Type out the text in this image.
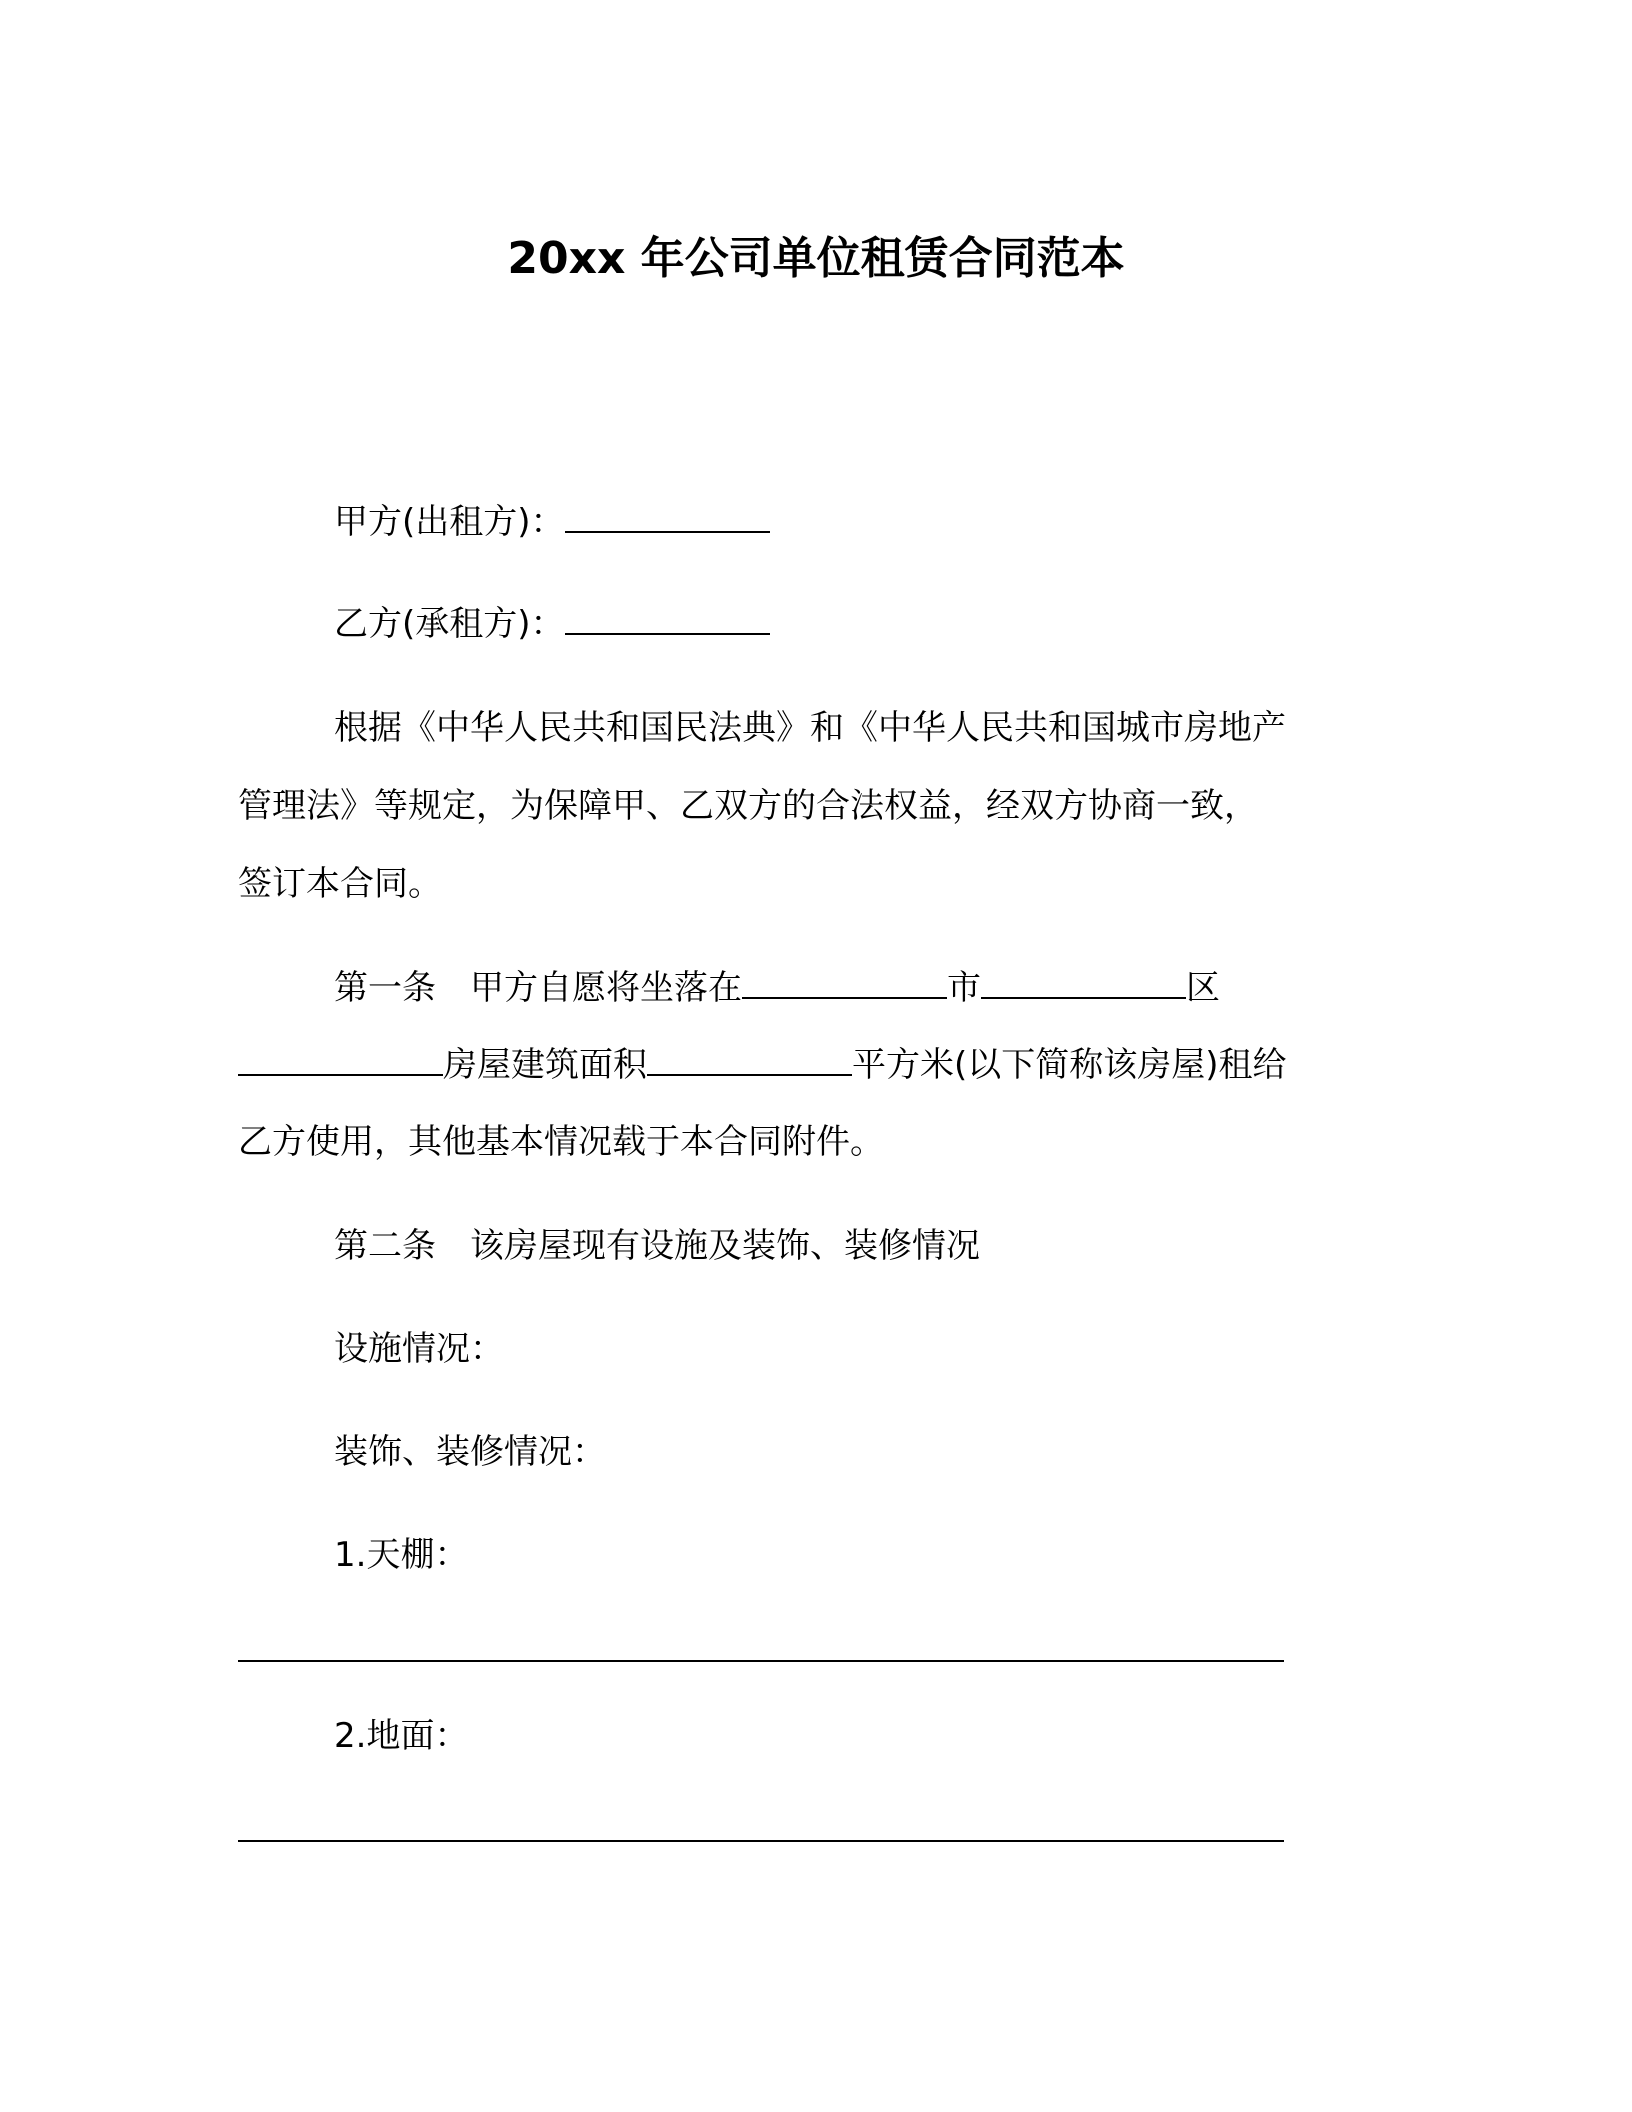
20xx 年公司单位租赁合同范本
甲方(出租方)：
乙方(承租方)：
根据《中华人民共和国民法典》和《中华人民共和国城市房地产
管理法》等规定，为保障甲、乙双方的合法权益，经双方协商一致，
签订本合同。
第一条　甲方自愿将坐落在	市	区
房屋建筑面积	平方米(以下简称该房屋)租给
乙方使用，其他基本情况载于本合同附件。
第二条　该房屋现有设施及装饰、装修情况
设施情况：
装饰、装修情况：
1.天棚：
2.地面：
